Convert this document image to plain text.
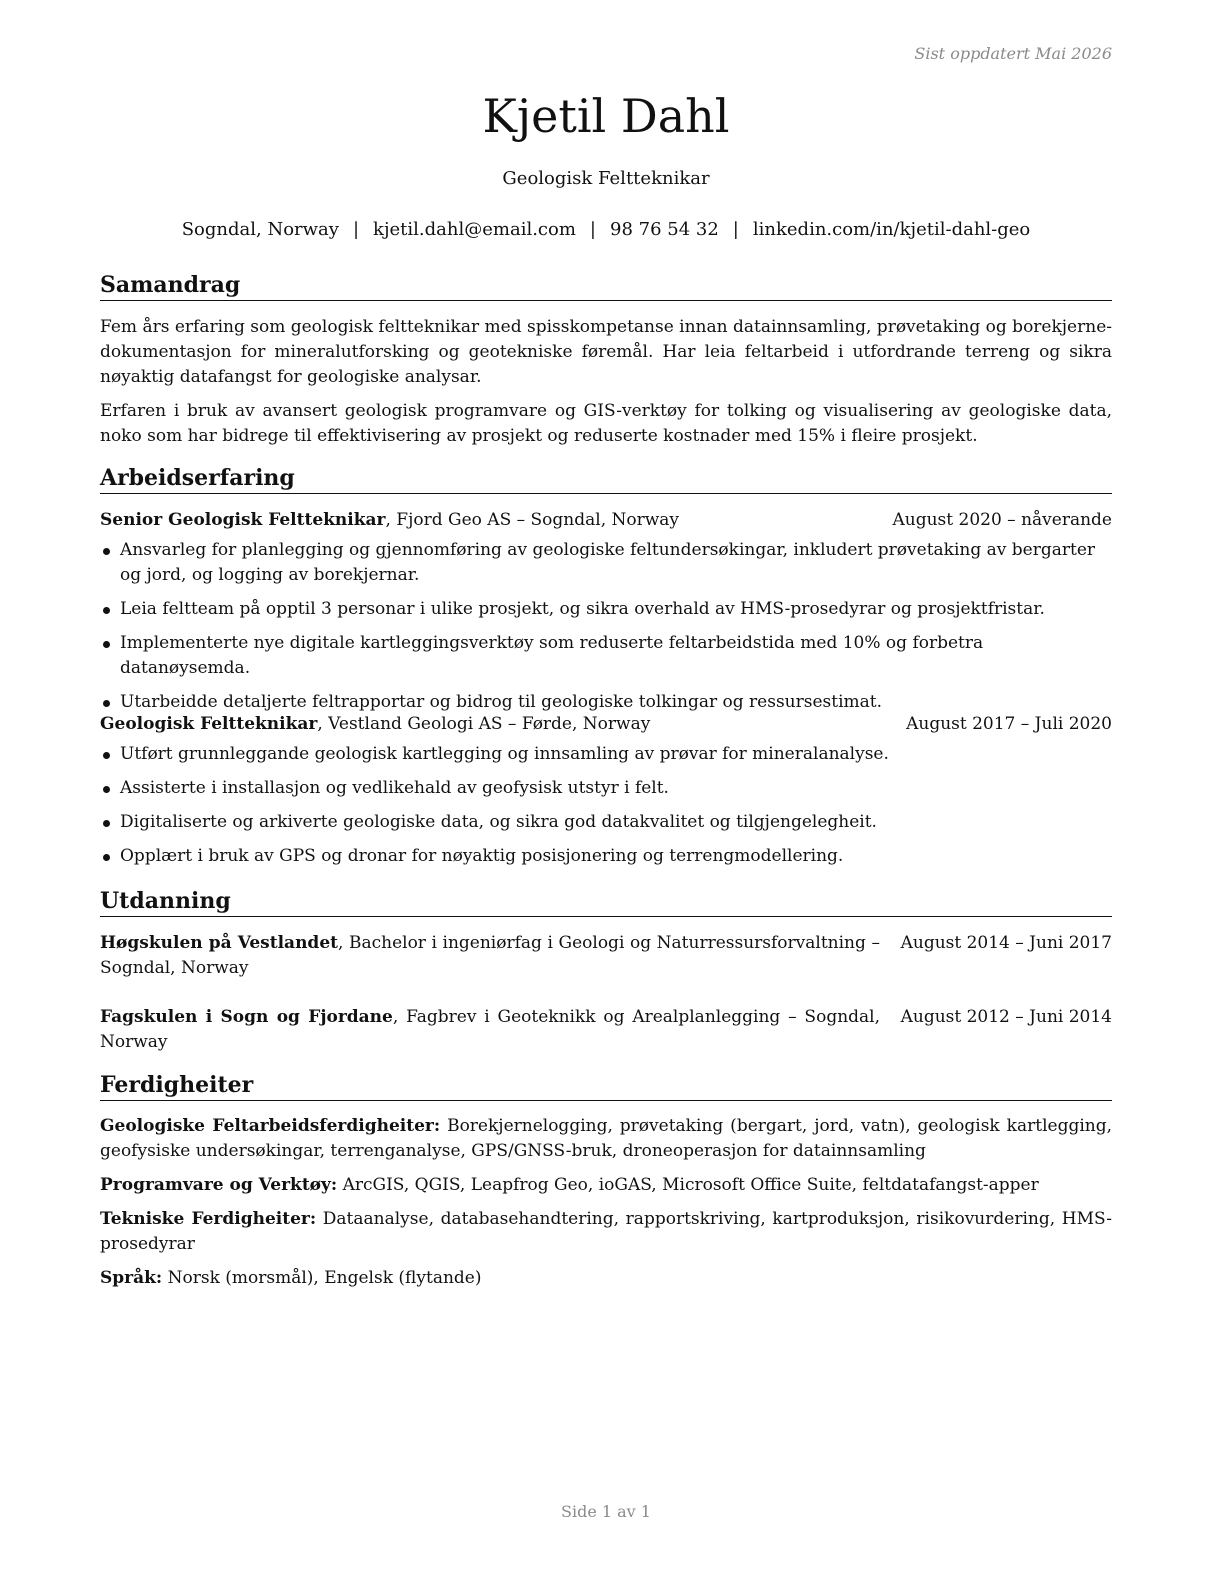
Sist oppdatert Mai 2026
Kjetil Dahl
Geologisk Feltteknikar
Sogndal, Norway | kjetil.dahl@email.com | 98 76 54 32 | linkedin.com/in/kjetil-dahl-geo
Samandrag

Fem års erfaring som geologisk feltteknikar med spisskompetanse innan datainnsamling, prøvetaking og borekjerne-dokumentasjon for mineralutforsking og geotekniske føremål. Har leia feltarbeid i utfordrande terreng og sikra nøyaktig datafangst for geologiske analysar.

Erfaren i bruk av avansert geologisk programvare og GIS-verktøy for tolking og visualisering av geologiske data, noko som har bidrege til effektivisering av prosjekt og reduserte kostnader med 15% i fleire prosjekt.

Arbeidserfaring
Senior Geologisk Feltteknikar, Fjord Geo AS – Sogndal, Norway	August 2020 – nåverande
Ansvarleg for planlegging og gjennomføring av geologiske feltundersøkingar, inkludert prøvetaking av bergarter og jord, og logging av borekjernar.
Leia feltteam på opptil 3 personar i ulike prosjekt, og sikra overhald av HMS-prosedyrar og prosjektfristar.
Implementerte nye digitale kartleggingsverktøy som reduserte feltarbeidstida med 10% og forbetra datanøysemda.
Utarbeidde detaljerte feltrapportar og bidrog til geologiske tolkingar og ressursestimat.
Geologisk Feltteknikar, Vestland Geologi AS – Førde, Norway	August 2017 – Juli 2020
Utført grunnleggande geologisk kartlegging og innsamling av prøvar for mineralanalyse.
Assisterte i installasjon og vedlikehald av geofysisk utstyr i felt.
Digitaliserte og arkiverte geologiske data, og sikra god datakvalitet og tilgjengelegheit.
Opplært i bruk av GPS og dronar for nøyaktig posisjonering og terrengmodellering.
Utdanning
Høgskulen på Vestlandet, Bachelor i ingeniørfag i Geologi og Naturressursforvaltning – Sogndal, Norway
August 2014 – Juni 2017
Fagskulen i Sogn og Fjordane, Fagbrev i Geoteknikk og Arealplanlegging – Sogndal, Norway
August 2012 – Juni 2014
Ferdigheiter

Geologiske Feltarbeidsferdigheiter: Borekjernelogging, prøvetaking (bergart, jord, vatn), geologisk kartlegging, geofysiske undersøkingar, terrenganalyse, GPS/GNSS-bruk, droneoperasjon for datainnsamling

Programvare og Verktøy: ArcGIS, QGIS, Leapfrog Geo, ioGAS, Microsoft Office Suite, feltdatafangst-apper

Tekniske Ferdigheiter: Dataanalyse, databasehandtering, rapportskriving, kartproduksjon, risikovurdering, HMS-prosedyrar

Språk: Norsk (morsmål), Engelsk (flytande)

Side 1 av 1
